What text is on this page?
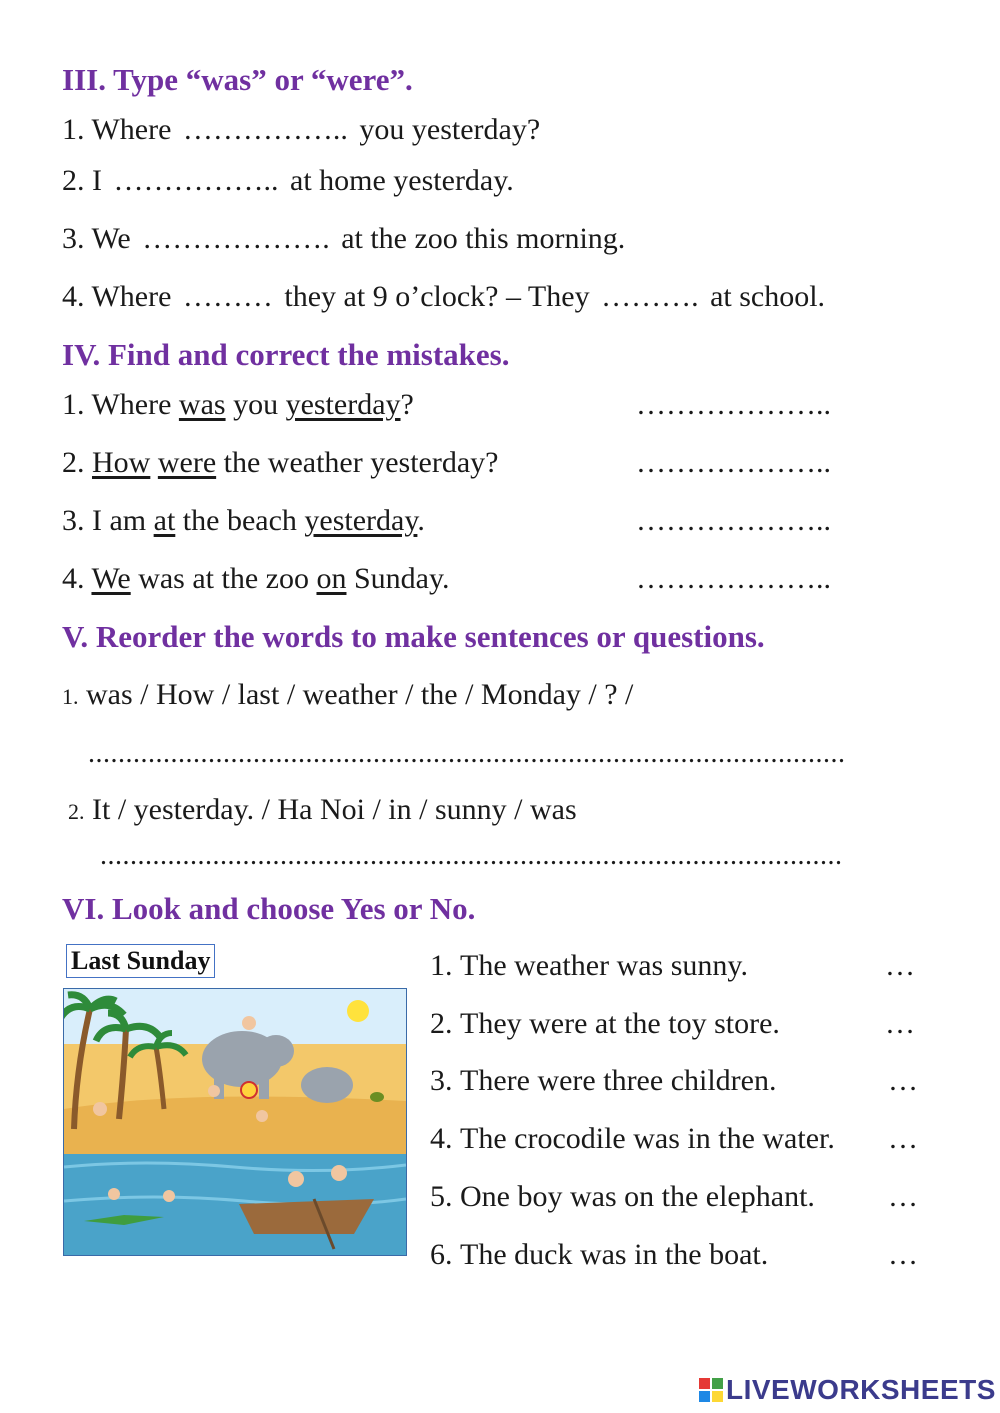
III. Type “was” or “were”.
1. Where …………….. you yesterday?
2. I …………….. at home yesterday.
3. We ………………. at the zoo this morning.
4. Where ……… they at 9 o’clock? – They ………. at school.
IV. Find and correct the mistakes.
1. Where was you yesterday?	………………..
2. How were the weather yesterday?	………………..
3. I am at the beach yesterday.	………………..
4. We was at the zoo on Sunday.	………………..
V. Reorder the words to make sentences or questions.
1. was / How / last / weather / the / Monday / ? /
.....................................................................................................
2. It / yesterday. / Ha Noi / in / sunny / was
...................................................................................................
VI. Look and choose Yes or No.
Last Sunday	1. The weather was sunny.	…
2. They were at the toy store.	…
3. There were three children.	…
4. The crocodile was in the water. …
5. One boy was on the elephant. …
6. The duck was in the boat.	…
LIVEWORKSHEETS
